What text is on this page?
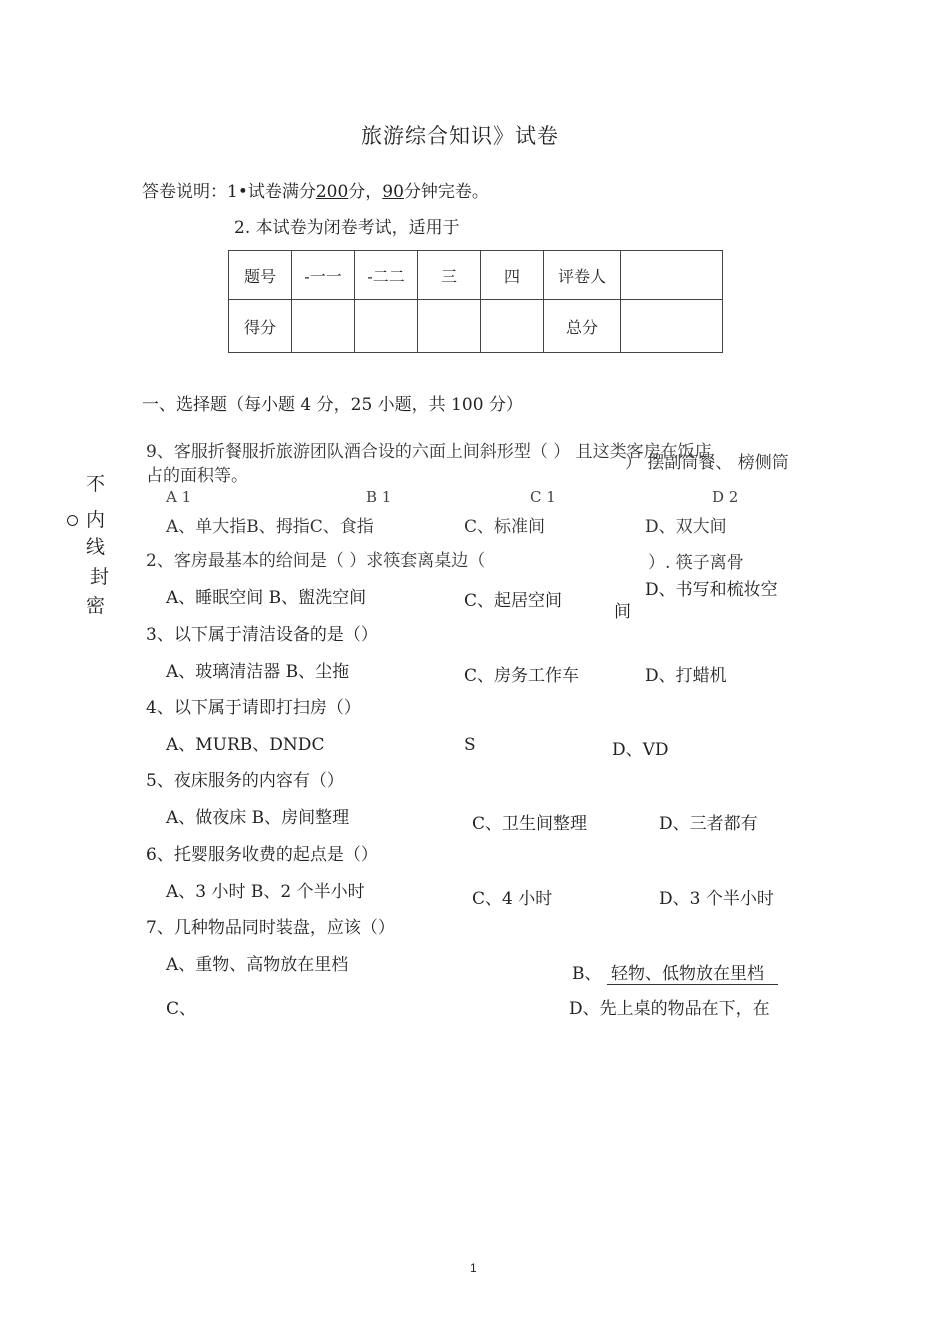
旅游综合知识》试卷
答卷说明：1•试卷满分200分，90分钟完卷。
2. 本试卷为闭卷考试，适用于
题号	-一一	-二二	三	四	评卷人	
得分					总分	
一、选择题（每小题 4 分，25 小题，共 100 分）
不
内
线
封
密
9、客服折餐服折旅游团队酒合设的六面上间斜形型（ ） 且这类客房在饭店
） 摆副筒餐、 榜侧筒
占的面积等。
A 1	B 1	C 1	D 2
A、单大指B、拇指C、食指	C、标准间	D、双大间
2、客房最基本的给间是（ ）求筷套离桌边（	）. 筷子离骨
A、睡眠空间 B、盥洗空间	C、起居空间
D、书写和梳妆空
间
3、以下属于清洁设备的是（）
A、玻璃清洁器 B、尘拖	C、房务工作车	D、打蜡机
4、以下属于请即打扫房（）
A、MURB、DNDC	S	D、VD
5、夜床服务的内容有（）
A、做夜床 B、房间整理	C、卫生间整理	D、三者都有
6、托婴服务收费的起点是（）
A、3 小时 B、2 个半小时	C、4 小时	D、3 个半小时
7、几种物品同时装盘，应该（）
A、重物、高物放在里档	B、 轻物、低物放在里档
C、	D、先上桌的物品在下，在
1
